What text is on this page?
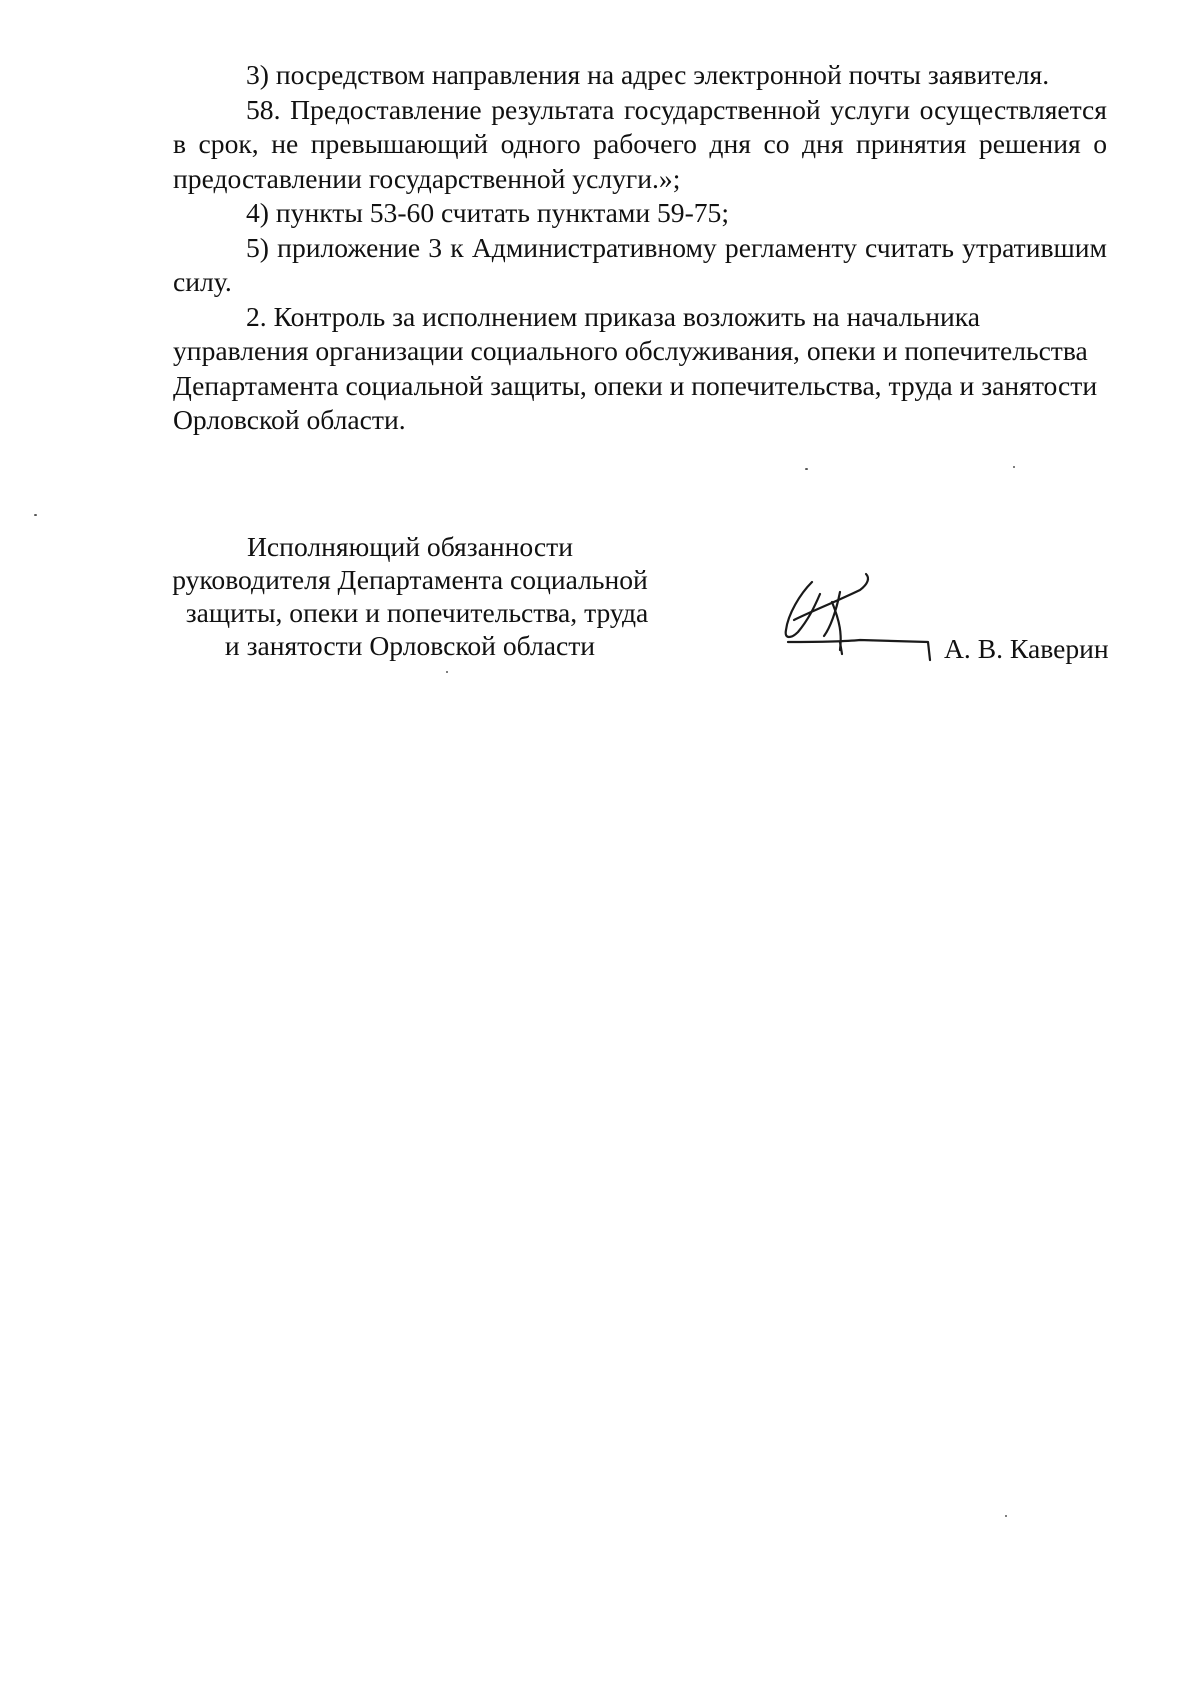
3) посредством направления на адрес электронной почты заявителя.

58. Предоставление результата государственной услуги осуществляется в срок, не превышающий одного рабочего дня со дня принятия решения о предоставлении государственной услуги.»;

4) пункты 53-60 считать пунктами 59-75;

5) приложение 3 к Административному регламенту считать утратившим силу.

2. Контроль за исполнением приказа возложить на начальника управления организации социального обслуживания, опеки и попечительства Департамента социальной защиты, опеки и попечительства, труда и занятости Орловской области.

Исполняющий обязанности
руководителя Департамента социальной
защиты, опеки и попечительства, труда
и занятости Орловской области	А. В. Каверин
